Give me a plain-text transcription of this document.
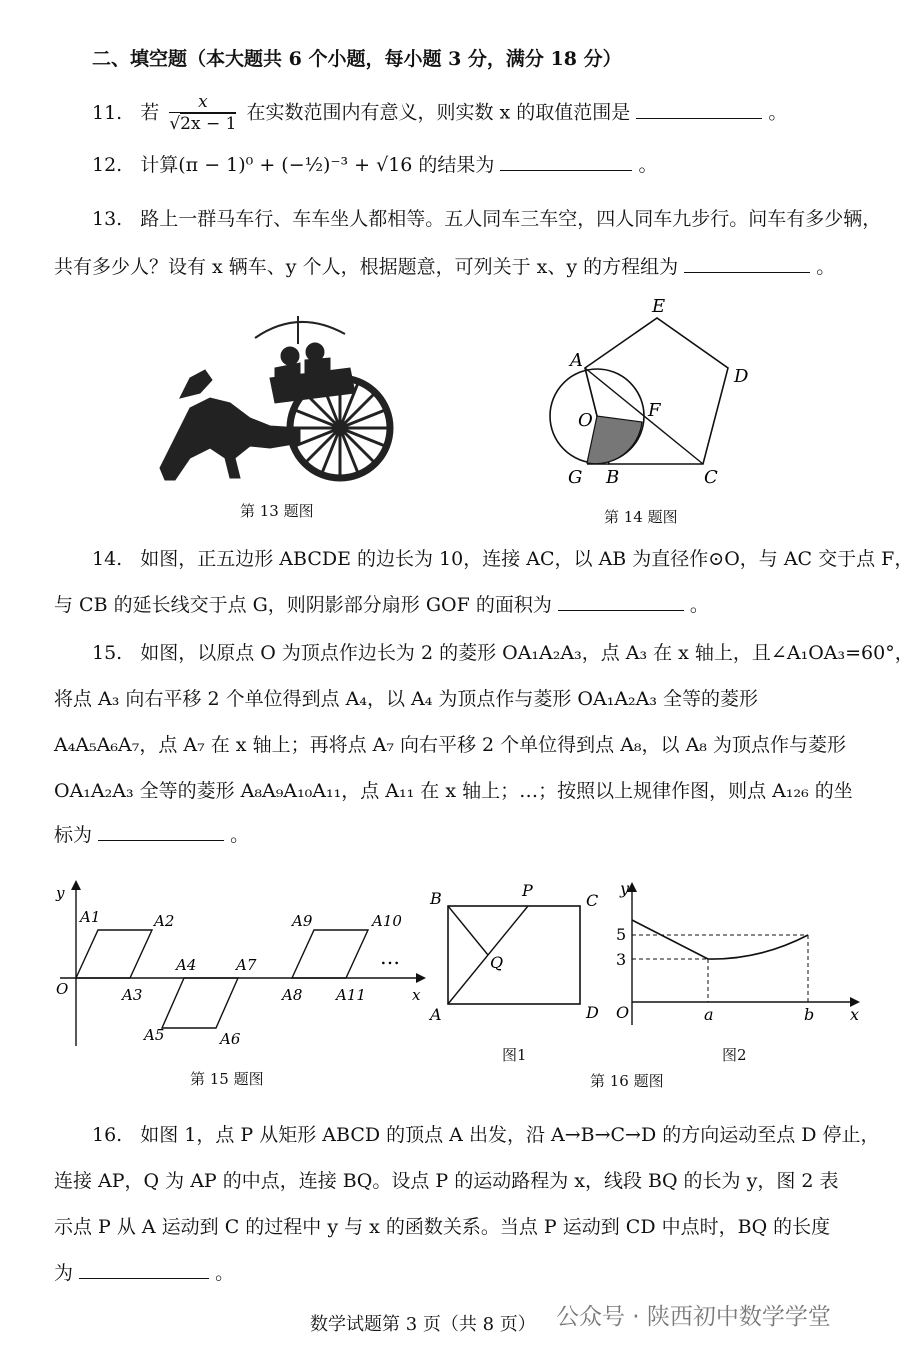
二、填空题（本大题共 6 个小题，每小题 3 分，满分 18 分）
11. 若 $\frac{x}{√2x - 1}$ 在实数范围内有意义，则实数 x 的取值范围是	。
12. 计算(π − 1)⁰ + (−½)⁻³ + √16 的结果为	。
13. 路上一群马车行、车车坐人都相等。五人同车三车空，四人同车九步行。问车有多少辆，
共有多少人？设有 x 辆车、y 个人，根据题意，可列关于 x、y 的方程组为	。
第 13 题图
A
E
D
C
B
G
F
O
第 14 题图
14. 如图，正五边形 ABCDE 的边长为 10，连接 AC，以 AB 为直径作⊙O，与 AC 交于点 F，
与 CB 的延长线交于点 G，则阴影部分扇形 GOF 的面积为	。
15. 如图，以原点 O 为顶点作边长为 2 的菱形 OA₁A₂A₃，点 A₃ 在 x 轴上，且∠A₁OA₃=60°，
将点 A₃ 向右平移 2 个单位得到点 A₄，以 A₄ 为顶点作与菱形 OA₁A₂A₃ 全等的菱形
A₄A₅A₆A₇，点 A₇ 在 x 轴上；再将点 A₇ 向右平移 2 个单位得到点 A₈，以 A₈ 为顶点作与菱形
OA₁A₂A₃ 全等的菱形 A₈A₉A₁₀A₁₁，点 A₁₁ 在 x 轴上；…；按照以上规律作图，则点 A₁₂₆ 的坐
标为	。
y
x
O
A1	A2
A3
A4
A5	A6
A7
A8
A9	A10
A11
…
第 15 题图
B	P
C
A	D
Q
图1
y
5
3
O	a	b x
图2
第 16 题图
16. 如图 1，点 P 从矩形 ABCD 的顶点 A 出发，沿 A→B→C→D 的方向运动至点 D 停止，
连接 AP，Q 为 AP 的中点，连接 BQ。设点 P 的运动路程为 x，线段 BQ 的长为 y，图 2 表
示点 P 从 A 运动到 C 的过程中 y 与 x 的函数关系。当点 P 运动到 CD 中点时，BQ 的长度
为	。
数学试题第 3 页（共 8 页） 公众号 · 陕西初中数学学堂
